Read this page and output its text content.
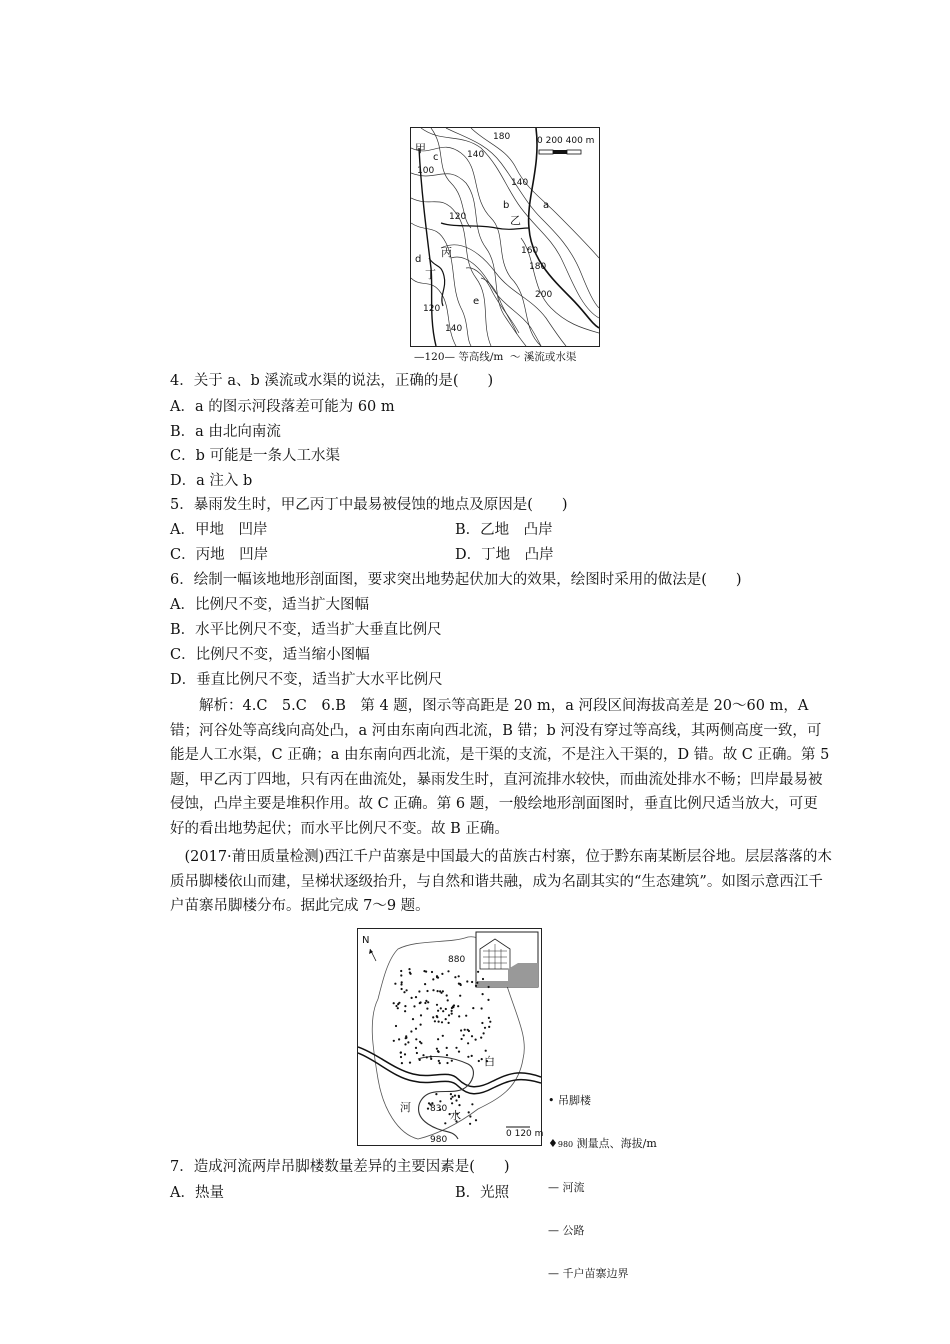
甲
c
100
180
140
140
120
b
乙
a
160
180
200
丙
d
丁
e
140
120
0 200 400 m
—120— 等高线/m  ～ 溪流或水渠
4．关于 a、b 溪流或水渠的说法，正确的是(　　)
A．a 的图示河段落差可能为 60 m
B．a 由北向南流
C．b 可能是一条人工水渠
D．a 注入 b
5．暴雨发生时，甲乙丙丁中最易被侵蚀的地点及原因是(　　)
A．甲地　凹岸	B．乙地　凸岸
C．丙地　凹岸	D．丁地　凸岸
6．绘制一幅该地地形剖面图，要求突出地势起伏加大的效果，绘图时采用的做法是(　　)
A．比例尺不变，适当扩大图幅
B．水平比例尺不变，适当扩大垂直比例尺
C．比例尺不变，适当缩小图幅
D．垂直比例尺不变，适当扩大水平比例尺
解析：4.C　5.C　6.B　第 4 题，图示等高距是 20 m，a 河段区间海拔高差是 20～60 m，A 错；河谷处等高线向高处凸，a 河由东南向西北流，B 错；b 河没有穿过等高线，其两侧高度一致，可能是人工水渠，C 正确；a 由东南向西北流，是干渠的支流，不是注入干渠的，D 错。故 C 正确。第 5 题，甲乙丙丁四地，只有丙在曲流处，暴雨发生时，直河流排水较快，而曲流处排水不畅；凹岸最易被侵蚀，凸岸主要是堆积作用。故 C 正确。第 6 题，一般绘地形剖面图时，垂直比例尺适当放大，可更好的看出地势起伏；而水平比例尺不变。故 B 正确。
(2017·莆田质量检测)西江千户苗寨是中国最大的苗族古村寨，位于黔东南某断层谷地。层层落落的木质吊脚楼依山而建，呈梯状逐级抬升，与自然和谐共融，成为名副其实的“生态建筑”。如图示意西江千户苗寨吊脚楼分布。据此完成 7～9 题。
N
880
830
980
白
河
水
0 120 m

• 吊脚楼

♦980 测量点、海拔/m

— 河流

— 公路

— 千户苗寨边界

7．造成河流两岸吊脚楼数量差异的主要因素是(　　)
A．热量	B．光照
